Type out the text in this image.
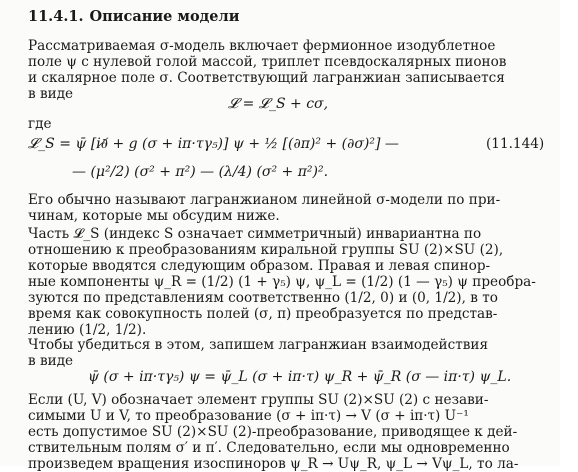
11.4.1. Описание модели
Рассматриваемая σ-модель включает фермионное изодублетное
поле ψ с нулевой голой массой, триплет псевдоскалярных пионов
и скалярное поле σ. Соответствующий лагранжиан записывается
в виде
𝓛 = 𝓛_S + cσ,
где
𝓛_S = ψ̄ [i∂̸ + g (σ + iπ·τγ₅)] ψ + ½ [(∂π)² + (∂σ)²] —	(11.144)
— (μ²/2) (σ² + π²) — (λ/4) (σ² + π²)².
Его обычно называют лагранжианом линейной σ-модели по при-
чинам, которые мы обсудим ниже.
Часть 𝓛_S (индекс S означает симметричный) инвариантна по
отношению к преобразованиям киральной группы SU (2)×SU (2),
которые вводятся следующим образом. Правая и левая спинор-
ные компоненты ψ_R = (1/2) (1 + γ₅) ψ, ψ_L = (1/2) (1 — γ₅) ψ преобра-
зуются по представлениям соответственно (1/2, 0) и (0, 1/2), в то
время как совокупность полей (σ, π) преобразуется по представ-
лению (1/2, 1/2).
Чтобы убедиться в этом, запишем лагранжиан взаимодействия
в виде
ψ̄ (σ + iπ·τγ₅) ψ = ψ̄_L (σ + iπ·τ) ψ_R + ψ̄_R (σ — iπ·τ) ψ_L.
Если (U, V) обозначает элемент группы SU (2)×SU (2) с незави-
симыми U и V, то преобразование (σ + iπ·τ) → V (σ + iπ·τ) U⁻¹
есть допустимое SU (2)×SU (2)-преобразование, приводящее к дей-
ствительным полям σ′ и π′. Следовательно, если мы одновременно
произведем вращения изоспиноров ψ_R → Uψ_R, ψ_L → Vψ_L, то ла-
